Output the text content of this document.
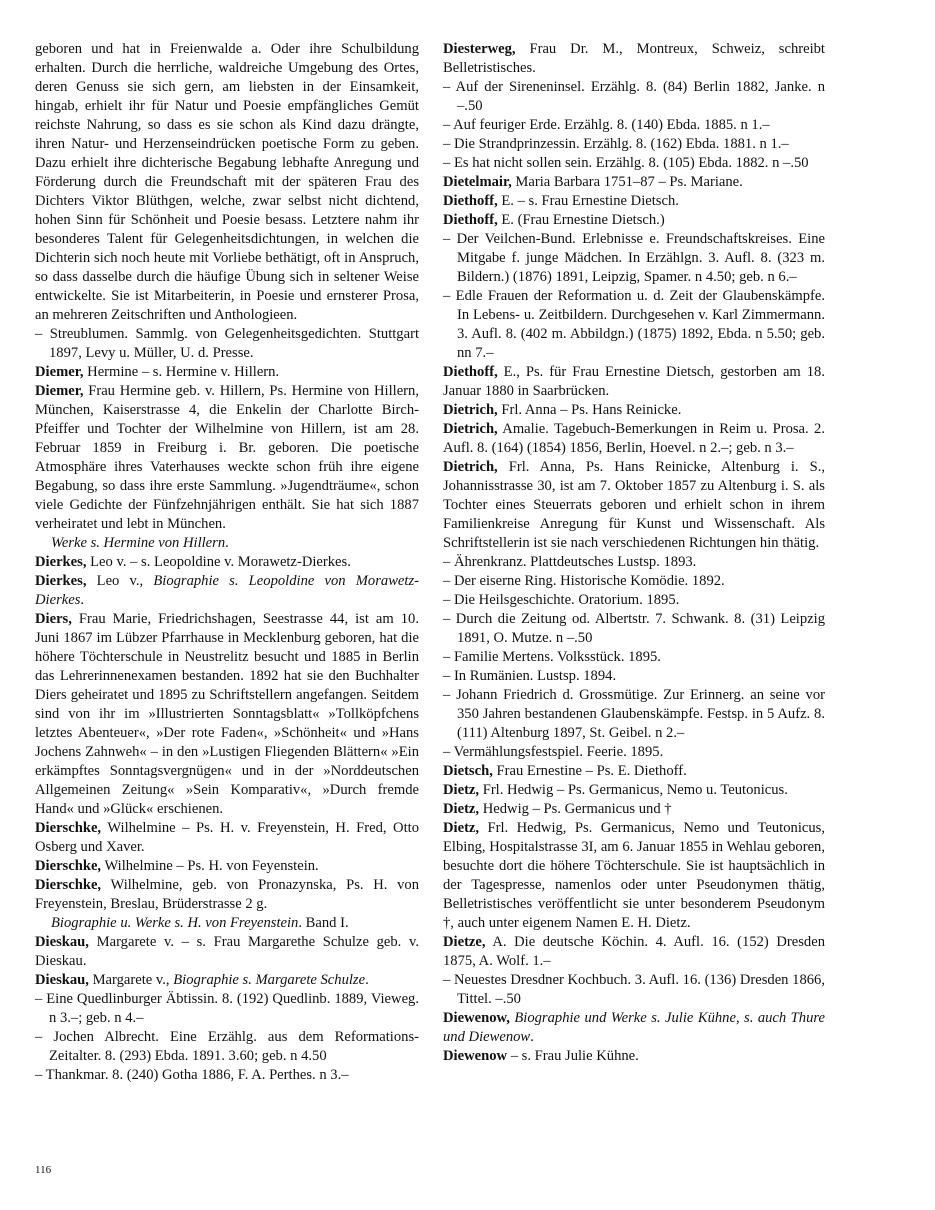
geboren und hat in Freienwalde a. Oder ihre Schulbildung erhalten. Durch die herrliche, waldreiche Umgebung des Ortes, deren Genuss sie sich gern, am liebsten in der Einsamkeit, hingab, erhielt ihr für Natur und Poesie empfängliches Gemüt reichste Nahrung, so dass es sie schon als Kind dazu drängte, ihren Natur- und Herzenseindrücken poetische Form zu geben. Dazu erhielt ihre dichterische Begabung lebhafte Anregung und Förderung durch die Freundschaft mit der späteren Frau des Dichters Viktor Blüthgen, welche, zwar selbst nicht dichtend, hohen Sinn für Schönheit und Poesie besass. Letztere nahm ihr besonderes Talent für Gelegenheitsdichtungen, in welchen die Dichterin sich noch heute mit Vorliebe bethätigt, oft in Anspruch, so dass dasselbe durch die häufige Übung sich in seltener Weise entwickelte. Sie ist Mitarbeiterin, in Poesie und ernsterer Prosa, an mehreren Zeitschriften und Anthologieen.

– Streublumen. Sammlg. von Gelegenheitsgedichten. Stuttgart 1897, Levy u. Müller, U. d. Presse.

Diemer, Hermine – s. Hermine v. Hillern.

Diemer, Frau Hermine geb. v. Hillern, Ps. Hermine von Hillern, München, Kaiserstrasse 4, die Enkelin der Charlotte Birch-Pfeiffer und Tochter der Wilhelmine von Hillern, ist am 28. Februar 1859 in Freiburg i. Br. geboren. Die poetische Atmosphäre ihres Vaterhauses weckte schon früh ihre eigene Begabung, so dass ihre erste Sammlung. »Jugendträume«, schon viele Gedichte der Fünfzehnjährigen enthält. Sie hat sich 1887 verheiratet und lebt in München.

Werke s. Hermine von Hillern.

Dierkes, Leo v. – s. Leopoldine v. Morawetz-Dierkes.

Dierkes, Leo v., Biographie s. Leopoldine von Morawetz-Dierkes.

Diers, Frau Marie, Friedrichshagen, Seestrasse 44, ist am 10. Juni 1867 im Lübzer Pfarrhause in Mecklenburg geboren, hat die höhere Töchterschule in Neustrelitz besucht und 1885 in Berlin das Lehrerinnenexamen bestanden. 1892 hat sie den Buchhalter Diers geheiratet und 1895 zu Schriftstellern angefangen. Seitdem sind von ihr im »Illustrierten Sonntagsblatt« »Tollköpfchens letztes Abenteuer«, »Der rote Faden«, »Schönheit« und »Hans Jochens Zahnweh« – in den »Lustigen Fliegenden Blättern« »Ein erkämpftes Sonntagsvergnügen« und in der »Norddeutschen Allgemeinen Zeitung« »Sein Komparativ«, »Durch fremde Hand« und »Glück« erschienen.

Dierschke, Wilhelmine – Ps. H. v. Freyenstein, H. Fred, Otto Osberg und Xaver.

Dierschke, Wilhelmine – Ps. H. von Feyenstein.

Dierschke, Wilhelmine, geb. von Pronazynska, Ps. H. von Freyenstein, Breslau, Brüderstrasse 2 g.

Biographie u. Werke s. H. von Freyenstein. Band I.

Dieskau, Margarete v. – s. Frau Margarethe Schulze geb. v. Dieskau.

Dieskau, Margarete v., Biographie s. Margarete Schulze.

– Eine Quedlinburger Äbtissin. 8. (192) Quedlinb. 1889, Vieweg. n 3.–; geb. n 4.–

– Jochen Albrecht. Eine Erzählg. aus dem Reformations-Zeitalter. 8. (293) Ebda. 1891. 3.60; geb. n 4.50

– Thankmar. 8. (240) Gotha 1886, F. A. Perthes. n 3.–

Diesterweg, Frau Dr. M., Montreux, Schweiz, schreibt Belletristisches.

– Auf der Sireneninsel. Erzählg. 8. (84) Berlin 1882, Janke. n –.50

– Auf feuriger Erde. Erzählg. 8. (140) Ebda. 1885. n 1.–

– Die Strandprinzessin. Erzählg. 8. (162) Ebda. 1881. n 1.–

– Es hat nicht sollen sein. Erzählg. 8. (105) Ebda. 1882. n –.50

Dietelmair, Maria Barbara 1751–87 – Ps. Mariane.

Diethoff, E. – s. Frau Ernestine Dietsch.

Diethoff, E. (Frau Ernestine Dietsch.)

– Der Veilchen-Bund. Erlebnisse e. Freundschaftskreises. Eine Mitgabe f. junge Mädchen. In Erzählgn. 3. Aufl. 8. (323 m. Bildern.) (1876) 1891, Leipzig, Spamer. n 4.50; geb. n 6.–

– Edle Frauen der Reformation u. d. Zeit der Glaubenskämpfe. In Lebens- u. Zeitbildern. Durchgesehen v. Karl Zimmermann. 3. Aufl. 8. (402 m. Abbildgn.) (1875) 1892, Ebda. n 5.50; geb. nn 7.–

Diethoff, E., Ps. für Frau Ernestine Dietsch, gestorben am 18. Januar 1880 in Saarbrücken.

Dietrich, Frl. Anna – Ps. Hans Reinicke.

Dietrich, Amalie. Tagebuch-Bemerkungen in Reim u. Prosa. 2. Aufl. 8. (164) (1854) 1856, Berlin, Hoevel. n 2.–; geb. n 3.–

Dietrich, Frl. Anna, Ps. Hans Reinicke, Altenburg i. S., Johannisstrasse 30, ist am 7. Oktober 1857 zu Altenburg i. S. als Tochter eines Steuerrats geboren und erhielt schon in ihrem Familienkreise Anregung für Kunst und Wissenschaft. Als Schriftstellerin ist sie nach verschiedenen Richtungen hin thätig.

– Ährenkranz. Plattdeutsches Lustsp. 1893.

– Der eiserne Ring. Historische Komödie. 1892.

– Die Heilsgeschichte. Oratorium. 1895.

– Durch die Zeitung od. Albertstr. 7. Schwank. 8. (31) Leipzig 1891, O. Mutze. n –.50

– Familie Mertens. Volksstück. 1895.

– In Rumänien. Lustsp. 1894.

– Johann Friedrich d. Grossmütige. Zur Erinnerg. an seine vor 350 Jahren bestandenen Glaubenskämpfe. Festsp. in 5 Aufz. 8. (111) Altenburg 1897, St. Geibel. n 2.–

– Vermählungsfestspiel. Feerie. 1895.

Dietsch, Frau Ernestine – Ps. E. Diethoff.

Dietz, Frl. Hedwig – Ps. Germanicus, Nemo u. Teutonicus.

Dietz, Hedwig – Ps. Germanicus und †

Dietz, Frl. Hedwig, Ps. Germanicus, Nemo und Teutonicus, Elbing, Hospitalstrasse 3I, am 6. Januar 1855 in Wehlau geboren, besuchte dort die höhere Töchterschule. Sie ist hauptsächlich in der Tagespresse, namenlos oder unter Pseudonymen thätig, Belletristisches veröffentlicht sie unter besonderem Pseudonym †, auch unter eigenem Namen E. H. Dietz.

Dietze, A. Die deutsche Köchin. 4. Aufl. 16. (152) Dresden 1875, A. Wolf. 1.–

– Neuestes Dresdner Kochbuch. 3. Aufl. 16. (136) Dresden 1866, Tittel. –.50

Diewenow, Biographie und Werke s. Julie Kühne, s. auch Thure und Diewenow.

Diewenow – s. Frau Julie Kühne.

116
